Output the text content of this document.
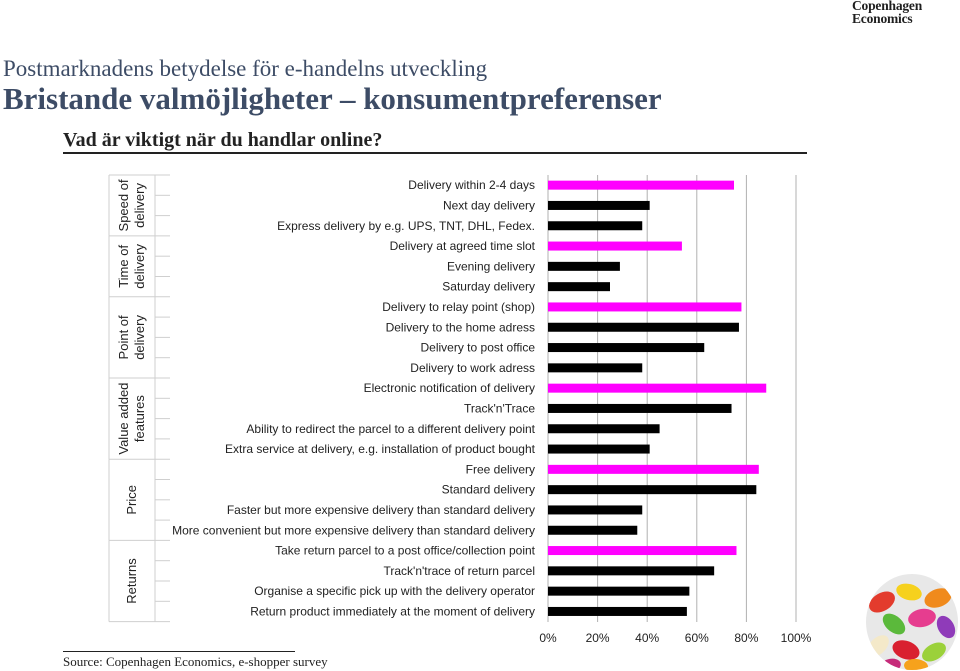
Copenhagen
Economics
Postmarknadens betydelse för e-handelns utveckling
Bristande valmöjligheter – konsumentpreferenser
Vad är viktigt när du handlar online?
Delivery within 2-4 days
Next day delivery
Express delivery by e.g. UPS, TNT, DHL, Fedex.
Delivery at agreed time slot
Evening delivery
Saturday delivery
Delivery to relay point (shop)
Delivery to the home adress
Delivery to post office
Delivery to work adress
Electronic notification of delivery
Track'n'Trace
Ability to redirect the parcel to a different delivery point
Extra service at delivery, e.g. installation of product bought
Free delivery
Standard delivery
Faster but more expensive delivery than standard delivery
More convenient but more expensive delivery than standard delivery
Take return parcel to a post office/collection point
Track'n'trace of return parcel
Organise a specific pick up with the delivery operator
Return product immediately at the moment of delivery
Speed ofdelivery
Time ofdelivery
Point ofdelivery
Value addedfeatures
Price
Returns
0% 20% 40% 60% 80% 100%
Source: Copenhagen Economics, e-shopper survey
